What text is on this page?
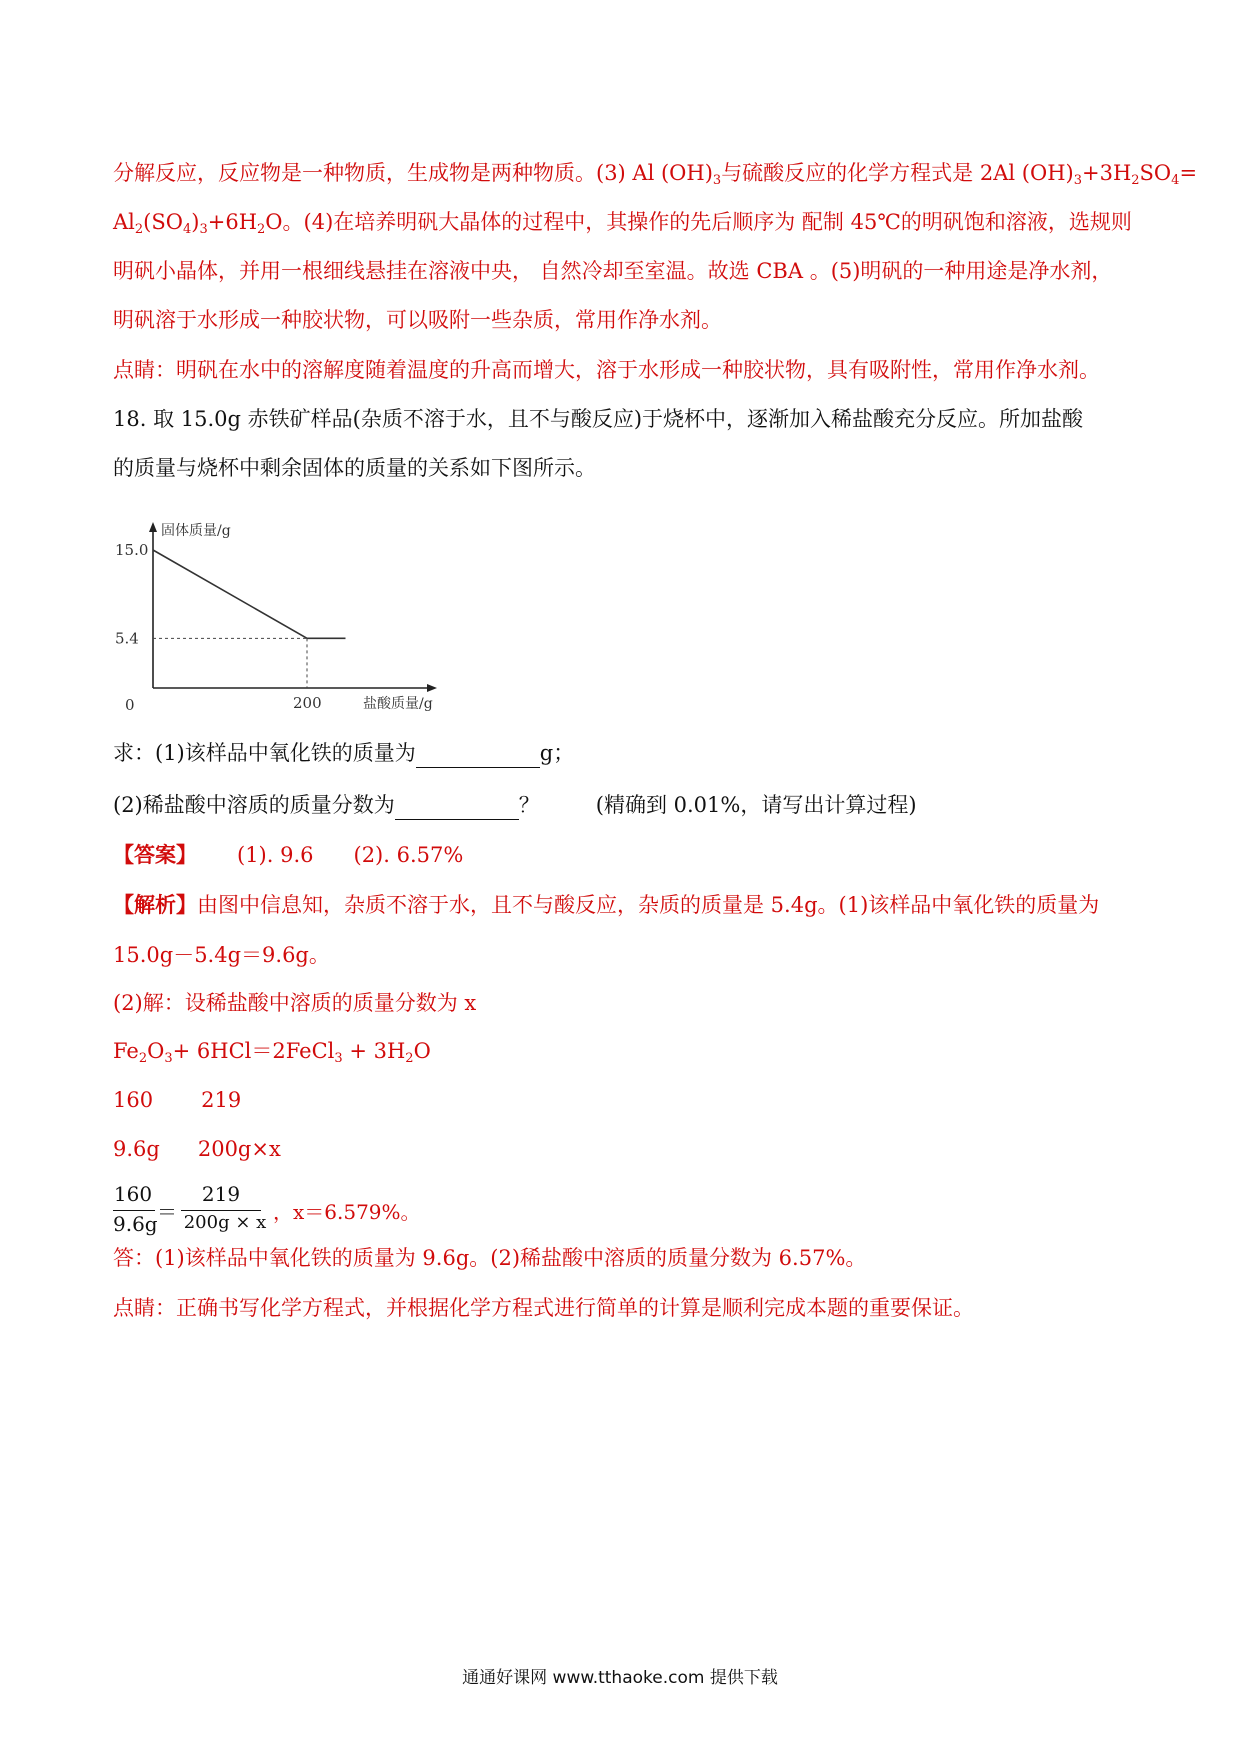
分解反应，反应物是一种物质，生成物是两种物质。(3) Al $(OH)_3$与硫酸反应的化学方程式是 2Al $(OH)_3+3H_2SO_4=$
$Al_2(SO_4)_3+6H_2O$。(4)在培养明矾大晶体的过程中，其操作的先后顺序为 配制 45℃的明矾饱和溶液，选规则
明矾小晶体，并用一根细线悬挂在溶液中央， 自然冷却至室温。故选 CBA 。(5)明矾的一种用途是净水剂，
明矾溶于水形成一种胶状物，可以吸附一些杂质，常用作净水剂。
点睛：明矾在水中的溶解度随着温度的升高而增大，溶于水形成一种胶状物，具有吸附性，常用作净水剂。
18. 取 15.0g 赤铁矿样品(杂质不溶于水，且不与酸反应)于烧杯中，逐渐加入稀盐酸充分反应。所加盐酸
的质量与烧杯中剩余固体的质量的关系如下图所示。
固体质量/g
盐酸质量/g
15.0
5.4
0	200
求：(1)该样品中氧化铁的质量为	g；
(2)稀盐酸中溶质的质量分数为	？	(精确到 0.01%，请写出计算过程)
【答案】 (1). 9.6 (2). 6.57%
【解析】由图中信息知，杂质不溶于水，且不与酸反应，杂质的质量是 5.4g。(1)该样品中氧化铁的质量为
15.0g－5.4g＝9.6g。
(2)解：设稀盐酸中溶质的质量分数为 x
$Fe_2O_3+$ 6HCl＝2FeCl$_3$ + $3H_2O$
160 219
9.6g 200g×x
160
9.6g ＝
219
200g × x ，x＝6.579%。
答：(1)该样品中氧化铁的质量为 9.6g。(2)稀盐酸中溶质的质量分数为 6.57%。
点睛：正确书写化学方程式，并根据化学方程式进行简单的计算是顺利完成本题的重要保证。
通通好课网 www.tthaoke.com 提供下载
